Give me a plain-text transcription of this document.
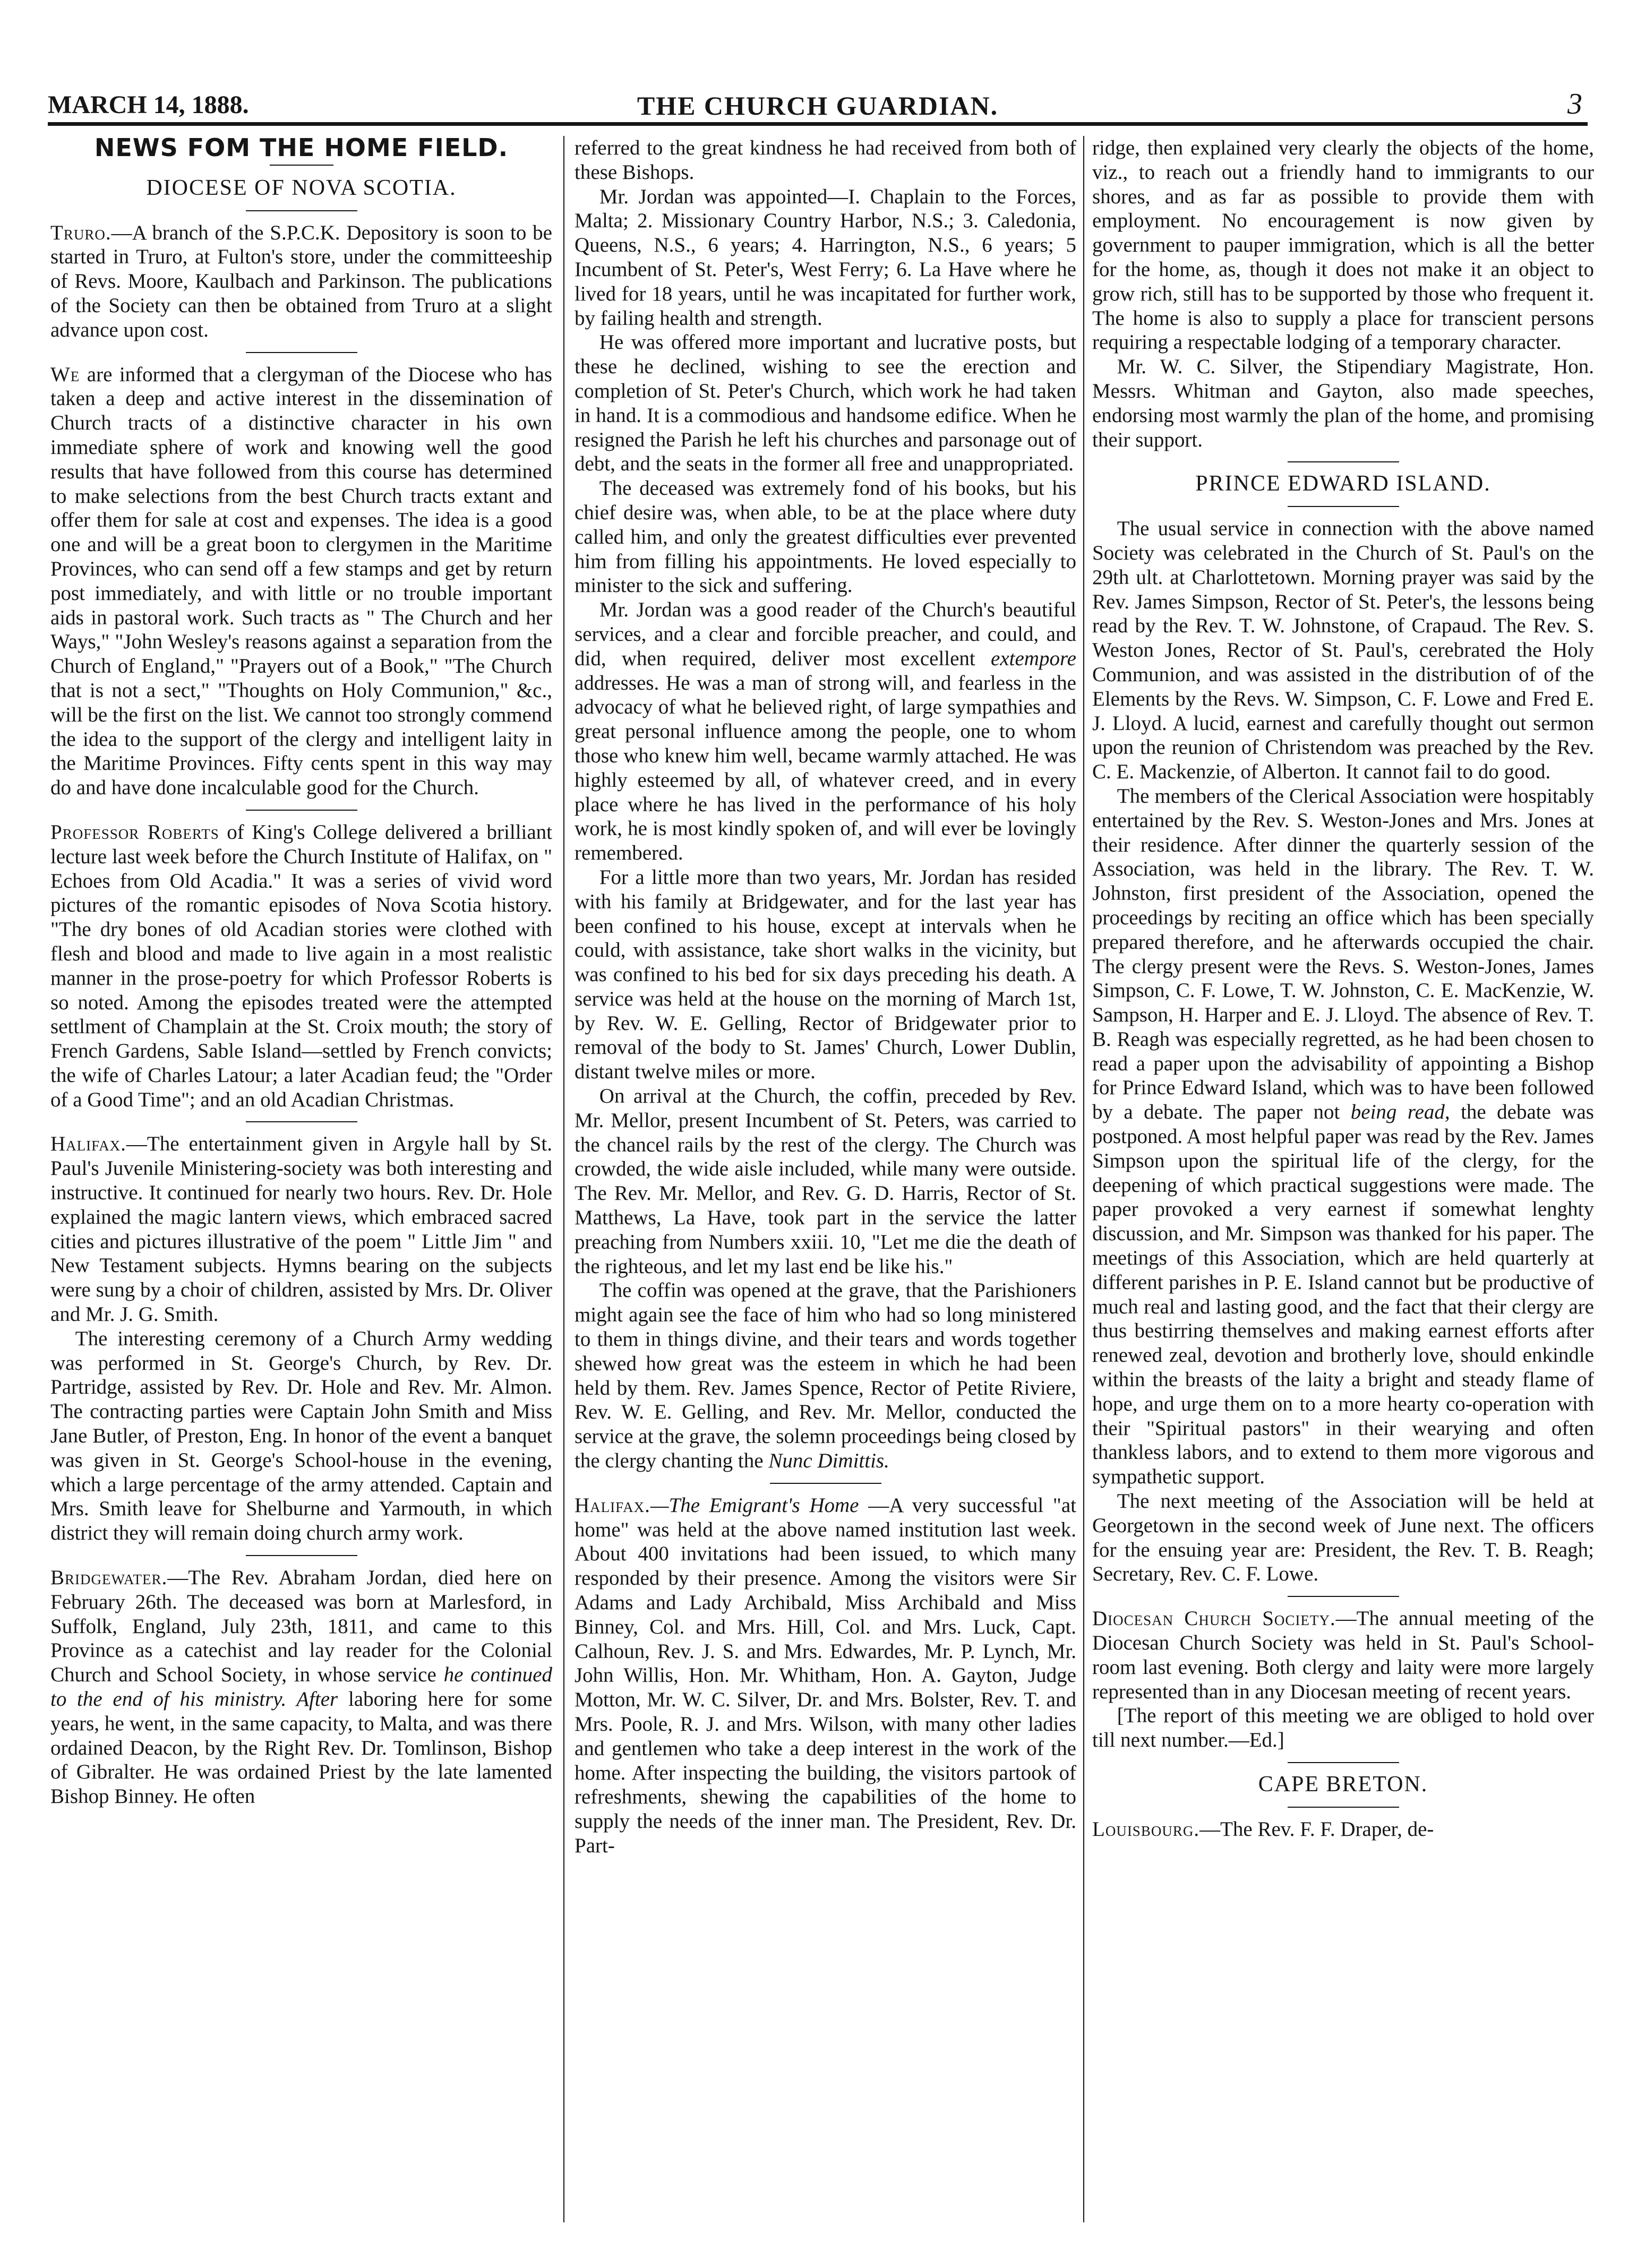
MARCH 14, 1888.	THE CHURCH GUARDIAN.	3
NEWS FOM THE HOME FIELD.
DIOCESE OF NOVA SCOTIA.

Truro.—A branch of the S.P.C.K. Depository is soon to be started in Truro, at Fulton's store, under the committeeship of Revs. Moore, Kaulbach and Parkinson. The publications of the Society can then be obtained from Truro at a slight advance upon cost.

We are informed that a clergyman of the Diocese who has taken a deep and active interest in the dissemination of Church tracts of a distinctive character in his own immediate sphere of work and knowing well the good results that have followed from this course has determined to make selections from the best Church tracts extant and offer them for sale at cost and expenses. The idea is a good one and will be a great boon to clergymen in the Maritime Provinces, who can send off a few stamps and get by return post immediately, and with little or no trouble important aids in pastoral work. Such tracts as " The Church and her Ways," "John Wesley's reasons against a separation from the Church of England," "Prayers out of a Book," "The Church that is not a sect," "Thoughts on Holy Communion," &c., will be the first on the list. We cannot too strongly commend the idea to the support of the clergy and intelligent laity in the Maritime Provinces. Fifty cents spent in this way may do and have done incalculable good for the Church.

Professor Roberts of King's College delivered a brilliant lecture last week before the Church Institute of Halifax, on " Echoes from Old Acadia." It was a series of vivid word pictures of the romantic episodes of Nova Scotia history. "The dry bones of old Acadian stories were clothed with flesh and blood and made to live again in a most realistic manner in the prose-poetry for which Professor Roberts is so noted. Among the episodes treated were the attempted settlment of Champlain at the St. Croix mouth; the story of French Gardens, Sable Island—settled by French convicts; the wife of Charles Latour; a later Acadian feud; the "Order of a Good Time"; and an old Acadian Christmas.

Halifax.—The entertainment given in Argyle hall by St. Paul's Juvenile Ministering-society was both interesting and instructive. It continued for nearly two hours. Rev. Dr. Hole explained the magic lantern views, which embraced sacred cities and pictures illustrative of the poem " Little Jim " and New Testament subjects. Hymns bearing on the subjects were sung by a choir of children, assisted by Mrs. Dr. Oliver and Mr. J. G. Smith.

The interesting ceremony of a Church Army wedding was performed in St. George's Church, by Rev. Dr. Partridge, assisted by Rev. Dr. Hole and Rev. Mr. Almon. The contracting parties were Captain John Smith and Miss Jane Butler, of Preston, Eng. In honor of the event a banquet was given in St. George's School-house in the evening, which a large percentage of the army attended. Captain and Mrs. Smith leave for Shelburne and Yarmouth, in which district they will remain doing church army work.

Bridgewater.—The Rev. Abraham Jordan, died here on February 26th. The deceased was born at Marlesford, in Suffolk, England, July 23th, 1811, and came to this Province as a catechist and lay reader for the Colonial Church and School Society, in whose service he continued to the end of his ministry. After laboring here for some years, he went, in the same capacity, to Malta, and was there ordained Deacon, by the Right Rev. Dr. Tomlinson, Bishop of Gibralter. He was ordained Priest by the late lamented Bishop Binney. He often

referred to the great kindness he had received from both of these Bishops.

Mr. Jordan was appointed—I. Chaplain to the Forces, Malta; 2. Missionary Country Harbor, N.S.; 3. Caledonia, Queens, N.S., 6 years; 4. Harrington, N.S., 6 years; 5 Incumbent of St. Peter's, West Ferry; 6. La Have where he lived for 18 years, until he was incapitated for further work, by failing health and strength.

He was offered more important and lucrative posts, but these he declined, wishing to see the erection and completion of St. Peter's Church, which work he had taken in hand. It is a commodious and handsome edifice. When he resigned the Parish he left his churches and parsonage out of debt, and the seats in the former all free and unappropriated.

The deceased was extremely fond of his books, but his chief desire was, when able, to be at the place where duty called him, and only the greatest difficulties ever prevented him from filling his appointments. He loved especially to minister to the sick and suffering.

Mr. Jordan was a good reader of the Church's beautiful services, and a clear and forcible preacher, and could, and did, when required, deliver most excellent extempore addresses. He was a man of strong will, and fearless in the advocacy of what he believed right, of large sympathies and great personal influence among the people, one to whom those who knew him well, became warmly attached. He was highly esteemed by all, of whatever creed, and in every place where he has lived in the performance of his holy work, he is most kindly spoken of, and will ever be lovingly remembered.

For a little more than two years, Mr. Jordan has resided with his family at Bridgewater, and for the last year has been confined to his house, except at intervals when he could, with assistance, take short walks in the vicinity, but was confined to his bed for six days preceding his death. A service was held at the house on the morning of March 1st, by Rev. W. E. Gelling, Rector of Bridgewater prior to removal of the body to St. James' Church, Lower Dublin, distant twelve miles or more.

On arrival at the Church, the coffin, preceded by Rev. Mr. Mellor, present Incumbent of St. Peters, was carried to the chancel rails by the rest of the clergy. The Church was crowded, the wide aisle included, while many were outside. The Rev. Mr. Mellor, and Rev. G. D. Harris, Rector of St. Matthews, La Have, took part in the service the latter preaching from Numbers xxiii. 10, "Let me die the death of the righteous, and let my last end be like his."

The coffin was opened at the grave, that the Parishioners might again see the face of him who had so long ministered to them in things divine, and their tears and words together shewed how great was the esteem in which he had been held by them. Rev. James Spence, Rector of Petite Riviere, Rev. W. E. Gelling, and Rev. Mr. Mellor, conducted the service at the grave, the solemn proceedings being closed by the clergy chanting the Nunc Dimittis.

Halifax.—The Emigrant's Home —A very successful "at home" was held at the above named institution last week. About 400 invitations had been issued, to which many responded by their presence. Among the visitors were Sir Adams and Lady Archibald, Miss Archibald and Miss Binney, Col. and Mrs. Hill, Col. and Mrs. Luck, Capt. Calhoun, Rev. J. S. and Mrs. Edwardes, Mr. P. Lynch, Mr. John Willis, Hon. Mr. Whitham, Hon. A. Gayton, Judge Motton, Mr. W. C. Silver, Dr. and Mrs. Bolster, Rev. T. and Mrs. Poole, R. J. and Mrs. Wilson, with many other ladies and gentlemen who take a deep interest in the work of the home. After inspecting the building, the visitors partook of refreshments, shewing the capabilities of the home to supply the needs of the inner man. The President, Rev. Dr. Part-

ridge, then explained very clearly the objects of the home, viz., to reach out a friendly hand to immigrants to our shores, and as far as possible to provide them with employment. No encouragement is now given by government to pauper immigration, which is all the better for the home, as, though it does not make it an object to grow rich, still has to be supported by those who frequent it. The home is also to supply a place for transcient persons requiring a respectable lodging of a temporary character.

Mr. W. C. Silver, the Stipendiary Magistrate, Hon. Messrs. Whitman and Gayton, also made speeches, endorsing most warmly the plan of the home, and promising their support.

PRINCE EDWARD ISLAND.

The usual service in connection with the above named Society was celebrated in the Church of St. Paul's on the 29th ult. at Charlottetown. Morning prayer was said by the Rev. James Simpson, Rector of St. Peter's, the lessons being read by the Rev. T. W. Johnstone, of Crapaud. The Rev. S. Weston Jones, Rector of St. Paul's, cerebrated the Holy Communion, and was assisted in the distribution of of the Elements by the Revs. W. Simpson, C. F. Lowe and Fred E. J. Lloyd. A lucid, earnest and carefully thought out sermon upon the reunion of Christendom was preached by the Rev. C. E. Mackenzie, of Alberton. It cannot fail to do good.

The members of the Clerical Association were hospitably entertained by the Rev. S. Weston-Jones and Mrs. Jones at their residence. After dinner the quarterly session of the Association, was held in the library. The Rev. T. W. Johnston, first president of the Association, opened the proceedings by reciting an office which has been specially prepared therefore, and he afterwards occupied the chair. The clergy present were the Revs. S. Weston-Jones, James Simpson, C. F. Lowe, T. W. Johnston, C. E. MacKenzie, W. Sampson, H. Harper and E. J. Lloyd. The absence of Rev. T. B. Reagh was especially regretted, as he had been chosen to read a paper upon the advisability of appointing a Bishop for Prince Edward Island, which was to have been followed by a debate. The paper not being read, the debate was postponed. A most helpful paper was read by the Rev. James Simpson upon the spiritual life of the clergy, for the deepening of which practical suggestions were made. The paper provoked a very earnest if somewhat lenghty discussion, and Mr. Simpson was thanked for his paper. The meetings of this Association, which are held quarterly at different parishes in P. E. Island cannot but be productive of much real and lasting good, and the fact that their clergy are thus bestirring themselves and making earnest efforts after renewed zeal, devotion and brotherly love, should enkindle within the breasts of the laity a bright and steady flame of hope, and urge them on to a more hearty co-operation with their "Spiritual pastors" in their wearying and often thankless labors, and to extend to them more vigorous and sympathetic support.

The next meeting of the Association will be held at Georgetown in the second week of June next. The officers for the ensuing year are: President, the Rev. T. B. Reagh; Secretary, Rev. C. F. Lowe.

Diocesan Church Society.—The annual meeting of the Diocesan Church Society was held in St. Paul's School-room last evening. Both clergy and laity were more largely represented than in any Diocesan meeting of recent years.

[The report of this meeting we are obliged to hold over till next number.—Ed.]

CAPE BRETON.

Louisbourg.—The Rev. F. F. Draper, de-
